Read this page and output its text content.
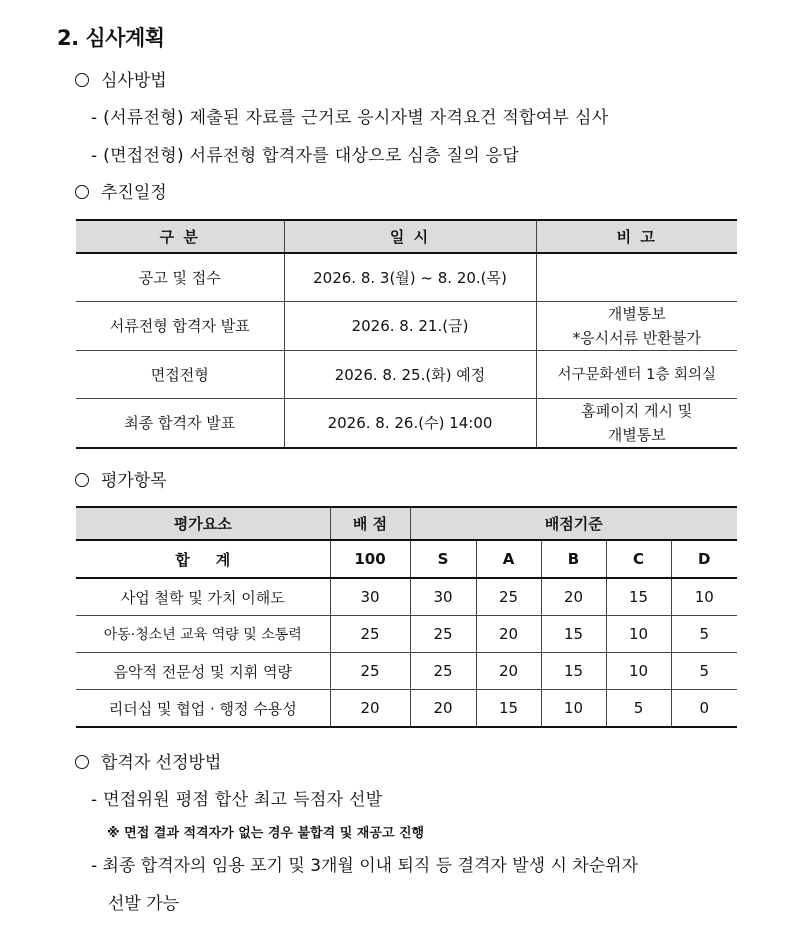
2. 심사계획
심사방법
- (서류전형) 제출된 자료를 근거로 응시자별 자격요건 적합여부 심사
- (면접전형) 서류전형 합격자를 대상으로 심층 질의 응답
추진일정
구 분	일 시	비 고
공고 및 접수	2026. 8. 3(월) ~ 8. 20.(목)	
서류전형 합격자 발표	2026. 8. 21.(금)	개별통보
*응시서류 반환불가

면접전형	2026. 8. 25.(화) 예정	서구문화센터 1층 회의실
최종 합격자 발표	2026. 8. 26.(수) 14:00	홈페이지 게시 및
개별통보
평가항목
평가요소	배 점	배점기준				
합     계	100	S	A	B	C	D
사업 철학 및 가치 이해도	30	30	25	20	15	10
아동·청소년 교육 역량 및 소통력	25	25	20	15	10	5
음악적 전문성 및 지휘 역량	25	25	20	15	10	5
리더십 및 협업 · 행정 수용성	20	20	15	10	5	0
합격자 선정방법
- 면접위원 평점 합산 최고 득점자 선발
※ 면접 결과 적격자가 없는 경우 불합격 및 재공고 진행
- 최종 합격자의 임용 포기 및 3개월 이내 퇴직 등 결격자 발생 시 차순위자
선발 가능
